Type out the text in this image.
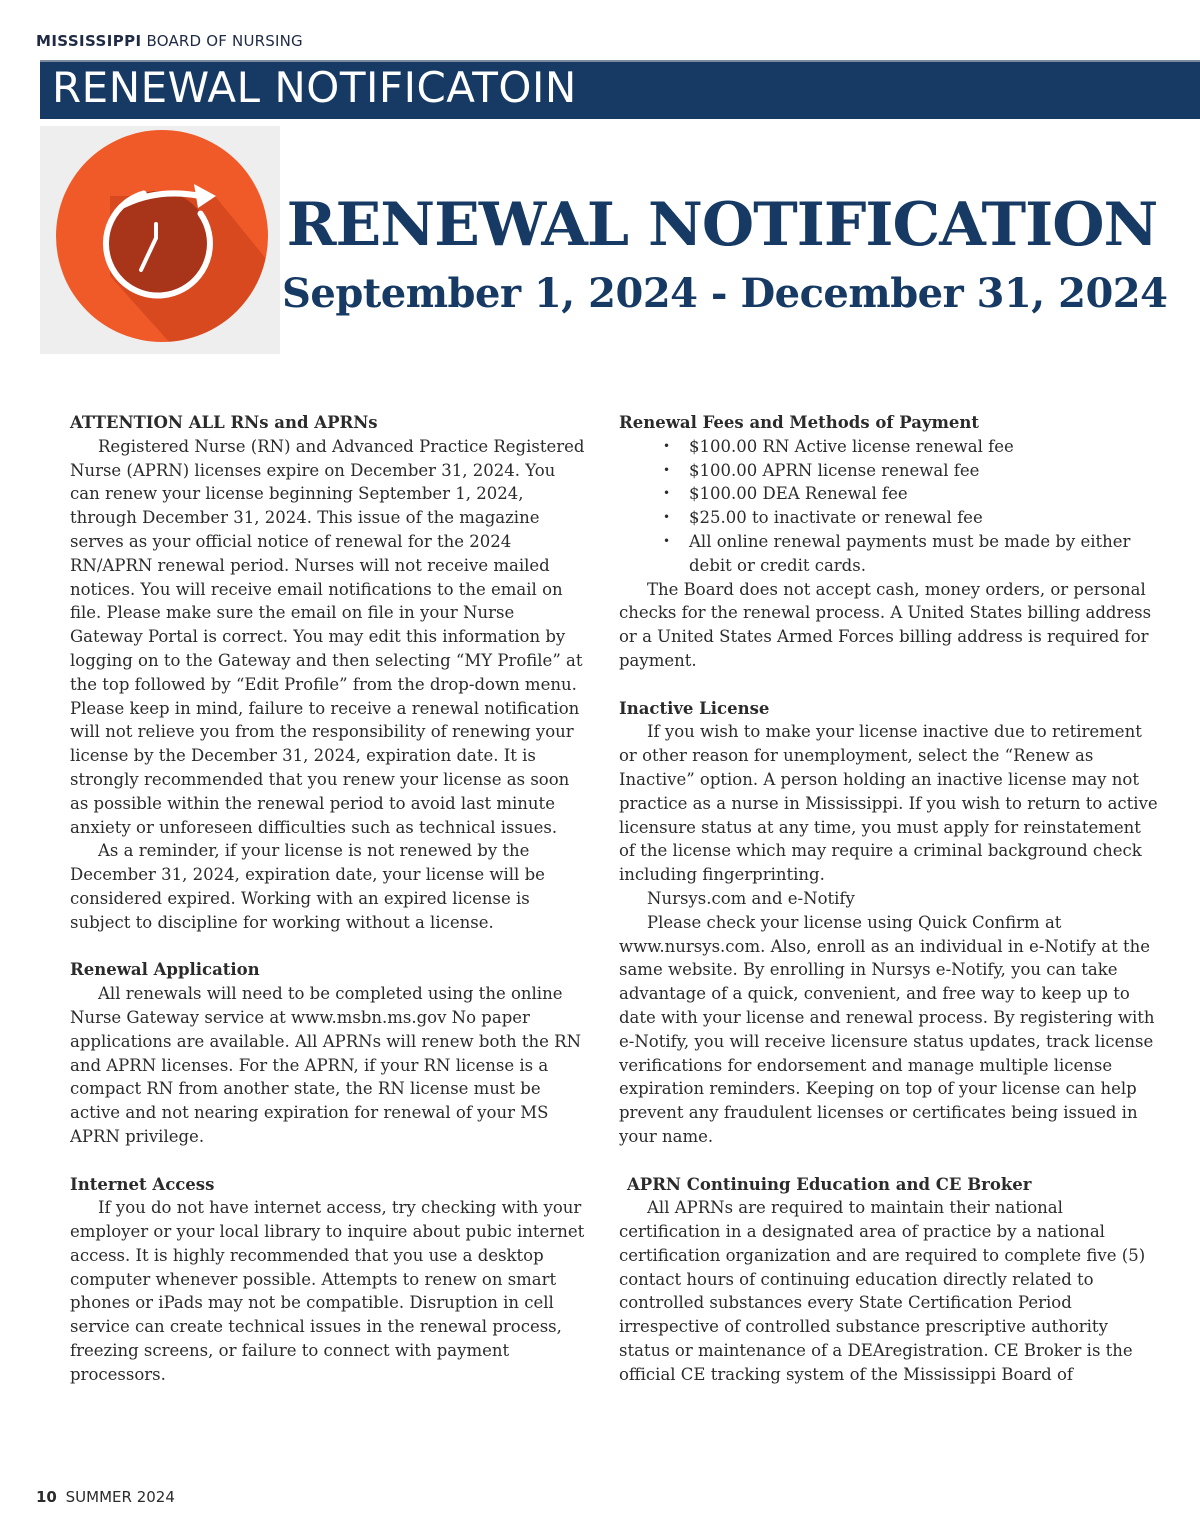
MISSISSIPPI BOARD OF NURSING
RENEWAL NOTIFICATOIN
RENEWAL NOTIFICATION
September 1, 2024 - December 31, 2024
ATTENTION ALL RNs and APRNs

Registered Nurse (RN) and Advanced Practice Registered Nurse (APRN) licenses expire on December 31, 2024. You can renew your license beginning September 1, 2024, through December 31, 2024. This issue of the magazine serves as your official notice of renewal for the 2024 RN/APRN renewal period. Nurses will not receive mailed notices. You will receive email notifications to the email on file. Please make sure the email on file in your Nurse Gateway Portal is correct. You may edit this information by logging on to the Gateway and then selecting “MY Profile” at the top followed by “Edit Profile” from the drop-down menu. Please keep in mind, failure to receive a renewal notification will not relieve you from the responsibility of renewing your license by the December 31, 2024, expiration date. It is strongly recommended that you renew your license as soon as possible within the renewal period to avoid last minute anxiety or unforeseen difficulties such as technical issues.

As a reminder, if your license is not renewed by the December 31, 2024, expiration date, your license will be considered expired. Working with an expired license is subject to discipline for working without a license.

Renewal Application

All renewals will need to be completed using the online Nurse Gateway service at www.msbn.ms.gov No paper applications are available. All APRNs will renew both the RN and APRN licenses. For the APRN, if your RN license is a compact RN from another state, the RN license must be active and not nearing expiration for renewal of your MS APRN privilege.

Internet Access

If you do not have internet access, try checking with your employer or your local library to inquire about pubic internet access. It is highly recommended that you use a desktop computer whenever possible. Attempts to renew on smart phones or iPads may not be compatible. Disruption in cell service can create technical issues in the renewal process, freezing screens, or failure to connect with payment processors.

Renewal Fees and Methods of Payment
• $100.00 RN Active license renewal fee
• $100.00 APRN license renewal fee
• $100.00 DEA Renewal fee
• $25.00 to inactivate or renewal fee
• All online renewal payments must be made by either debit or credit cards.

The Board does not accept cash, money orders, or personal checks for the renewal process. A United States billing address or a United States Armed Forces billing address is required for payment.

Inactive License

If you wish to make your license inactive due to retirement or other reason for unemployment, select the “Renew as Inactive” option. A person holding an inactive license may not practice as a nurse in Mississippi. If you wish to return to active licensure status at any time, you must apply for reinstatement of the license which may require a criminal background check including fingerprinting.

Nursys.com and e-Notify

Please check your license using Quick Confirm at www.nursys.com. Also, enroll as an individual in e-Notify at the same website. By enrolling in Nursys e-Notify, you can take advantage of a quick, convenient, and free way to keep up to date with your license and renewal process. By registering with e-Notify, you will receive licensure status updates, track license verifications for endorsement and manage multiple license expiration reminders. Keeping on top of your license can help prevent any fraudulent licenses or certificates being issued in your name.

APRN Continuing Education and CE Broker

All APRNs are required to maintain their national certification in a designated area of practice by a national certification organization and are required to complete five (5) contact hours of continuing education directly related to controlled substances every State Certification Period irrespective of controlled substance prescriptive authority status or maintenance of a DEAregistration. CE Broker is the official CE tracking system of the Mississippi Board of

10 SUMMER 2024
